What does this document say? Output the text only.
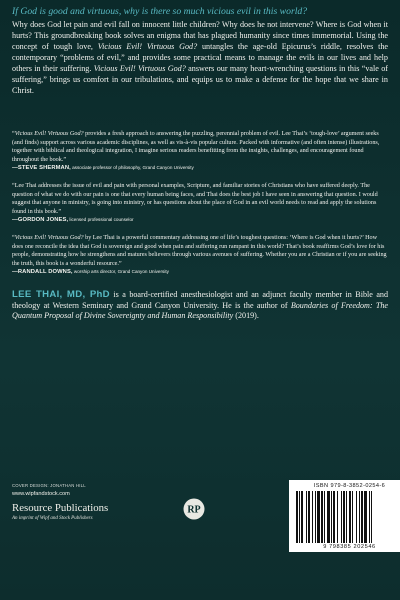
If God is good and virtuous, why is there so much vicious evil in this world?

Why does God let pain and evil fall on innocent little children? Why does he not intervene? Where is God when it hurts? This groundbreaking book solves an enigma that has plagued humanity since times immemorial. Using the concept of tough love, Vicious Evil! Virtuous God? untangles the age-old Epicurus’s riddle, resolves the contemporary “problems of evil,” and provides some practical means to manage the evils in our lives and help others in their suffering. Vicious Evil! Virtuous God? answers our many heart-wrenching questions in this “vale of suffering,” brings us comfort in our tribulations, and equips us to make a defense for the hope that we share in Christ.

“Vicious Evil! Virtuous God? provides a fresh approach to answering the puzzling, perennial problem of evil. Lee Thai’s ‘tough-love’ argument seeks (and finds) support across various academic disciplines, as well as vis-à-vis popular culture. Packed with informative (and often intense) illustrations, together with biblical and theological integration, I imagine serious readers benefitting from the insights, challenges, and encouragement found throughout the book.”
—STEVE SHERMAN, associate professor of philosophy, Grand Canyon University
“Lee Thai addresses the issue of evil and pain with personal examples, Scripture, and familiar stories of Christians who have suffered deeply. The question of what we do with our pain is one that every human being faces, and Thai does the best job I have seen in answering that question. I would suggest that anyone in ministry, is going into ministry, or has questions about the place of God in an evil world needs to read and apply the solutions found in this book.”
—GORDON JONES, licensed professional counselor
“Vicious Evil! Virtuous God? by Lee Thai is a powerful commentary addressing one of life’s toughest questions: ‘Where is God when it hurts?’ How does one reconcile the idea that God is sovereign and good when pain and suffering run rampant in this world? That’s book reaffirms God’s love for his people, demonstrating how he strengthens and matures believers through various avenues of suffering. Whether you are a Christian or if you are seeking the truth, this book is a wonderful resource.”
—RANDALL DOWNS, worship arts director, Grand Canyon University

LEE THAI, MD, PhD is a board-certified anesthesiologist and an adjunct faculty member in Bible and theology at Western Seminary and Grand Canyon University. He is the author of Boundaries of Freedom: The Quantum Proposal of Divine Sovereignty and Human Responsibility (2019).

COVER DESIGN: JONATHAN HILL
www.wipfandstock.com
Resource Publications
An imprint of Wipf and Stock Publishers
RP
ISBN 979-8-3852-0254-6
9 798385 202546
